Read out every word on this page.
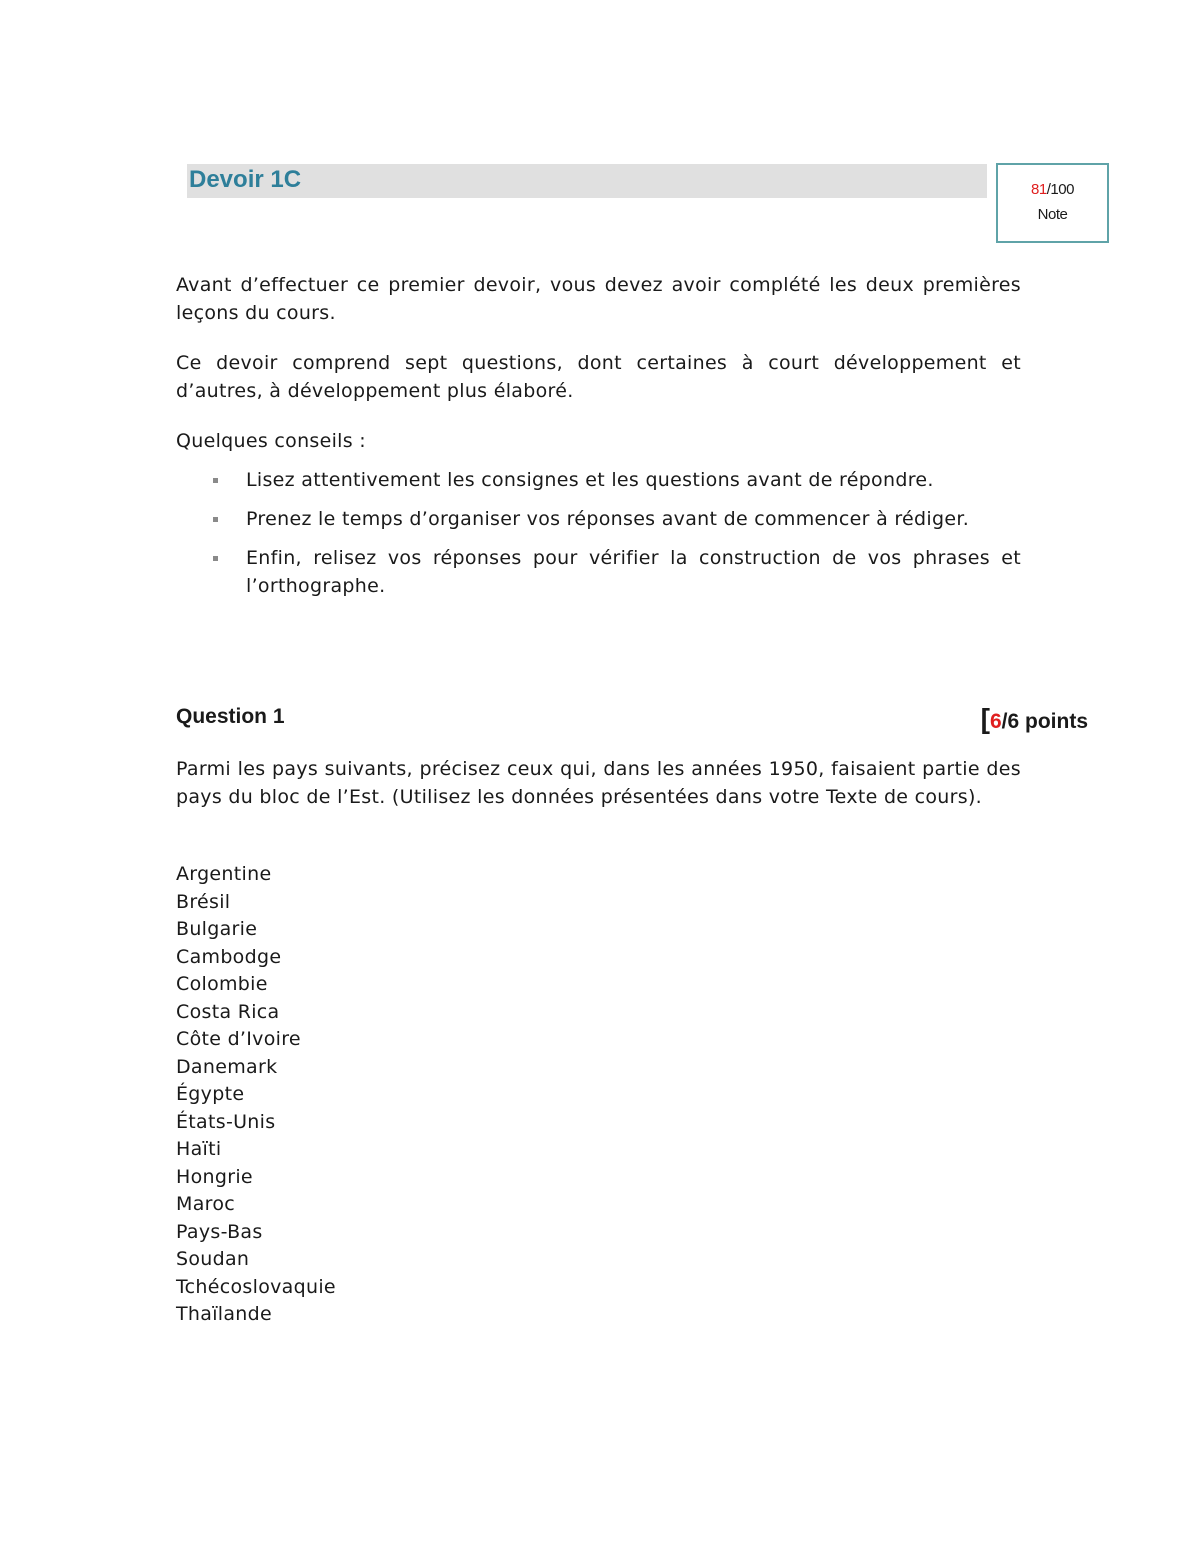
Devoir 1C	81/100
Note

Avant d’effectuer ce premier devoir, vous devez avoir complété les deux premières leçons du cours.

Ce devoir comprend sept questions, dont certaines à court développement et d’autres, à développement plus élaboré.

Quelques conseils :

Lisez attentivement les consignes et les questions avant de répondre.
Prenez le temps d’organiser vos réponses avant de commencer à rédiger.
Enfin, relisez vos réponses pour vérifier la construction de vos phrases et l’orthographe.
Question 1	[6/6 points
Parmi les pays suivants, précisez ceux qui, dans les années 1950, faisaient partie des pays du bloc de l’Est. (Utilisez les données présentées dans votre Texte de cours).
Argentine
Brésil
Bulgarie
Cambodge
Colombie
Costa Rica
Côte d’Ivoire
Danemark
Égypte
États-Unis
Haïti
Hongrie
Maroc
Pays-Bas
Soudan
Tchécoslovaquie
Thaïlande
